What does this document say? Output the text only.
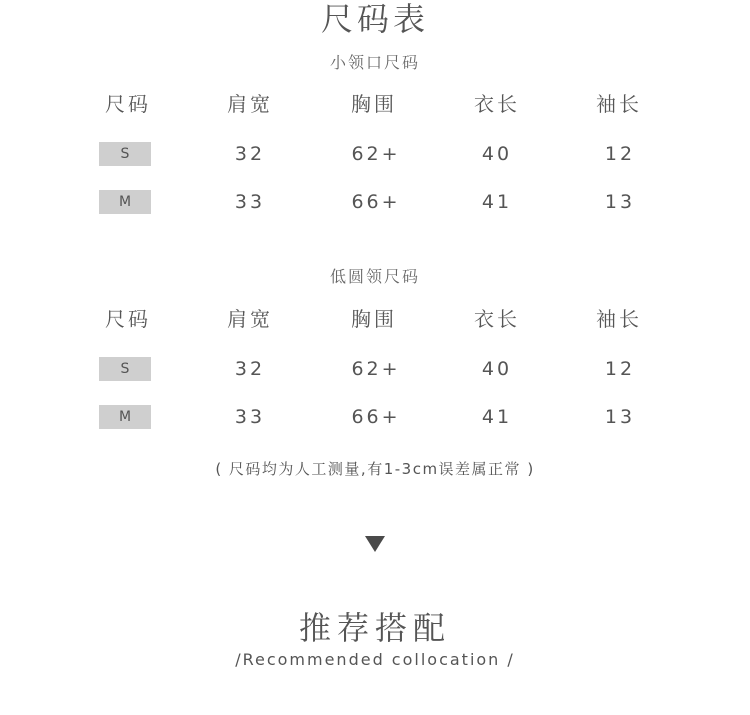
尺码表
小领口尺码
尺码	肩宽	胸围	衣长	袖长
S	32	62+	40	12
M	33	66+	41	13
低圆领尺码
尺码	肩宽	胸围	衣长	袖长
S	32	62+	40	12
M	33	66+	41	13
( 尺码均为人工测量,有1-3cm误差属正常 )
推荐搭配
/Recommended collocation /
